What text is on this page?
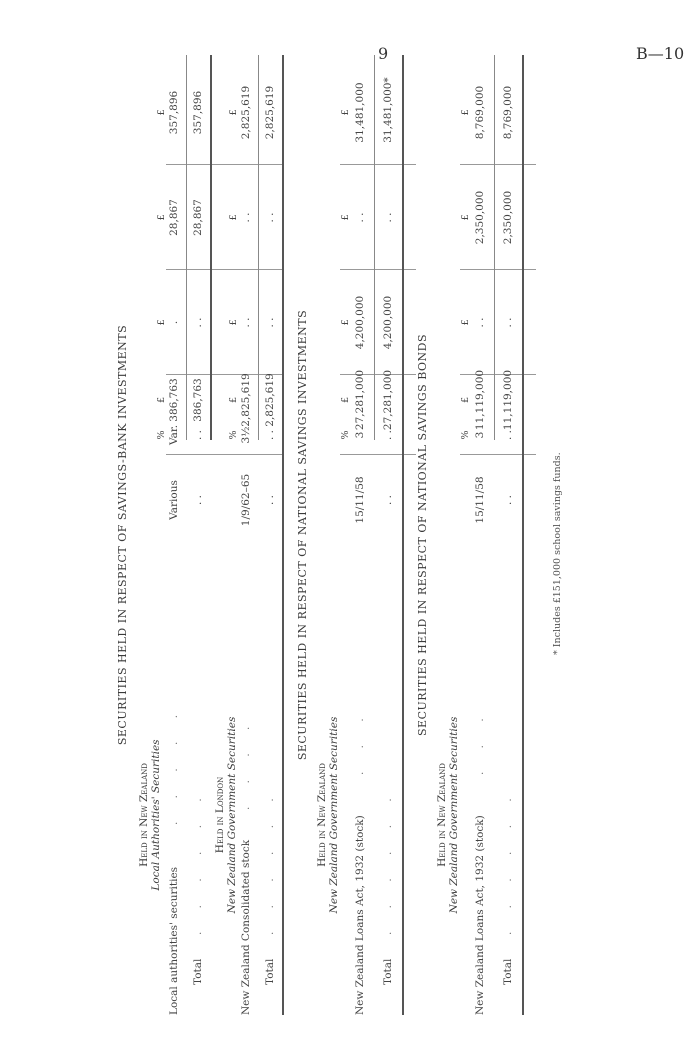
9	B—10
SECURITIES HELD IN RESPECT OF SAVINGS-BANK INVESTMENTS
Held in New Zealand Local Authorities' Securities
%
£
£
£
£
Local authorities' securities
. . . . .
Various
Var.
386,763
.
28,867
357,896
Total
. . . . . .
. .
. .
386,763
. .
28,867
357,896
Held in London New Zealand Government Securities
%
£
£
£
£
New Zealand Consolidated stock
. . . .
1/9/62–65
3½
2,825,619
. .
. .
2,825,619
Total
. . . . . .
. .
. .
2,825,619
. .
. .
2,825,619
SECURITIES HELD IN RESPECT OF NATIONAL SAVINGS INVESTMENTS
Held in New Zealand New Zealand Government Securities
%
£
£
£
£
New Zealand Loans Act, 1932 (stock)
. . .
15/11/58
3
27,281,000
4,200,000
. .
31,481,000
Total
. . . . . .
. .
. .
27,281,000
4,200,000
. .
31,481,000*
SECURITIES HELD IN RESPECT OF NATIONAL SAVINGS BONDS
Held in New Zealand New Zealand Government Securities
%
£
£
£
£
New Zealand Loans Act, 1932 (stock)
. . .
15/11/58
3
11,119,000
. .
2,350,000
8,769,000
Total
. . . . . .
. .
. .
11,119,000
. .
2,350,000
8,769,000
* Includes £151,000 school savings funds.
